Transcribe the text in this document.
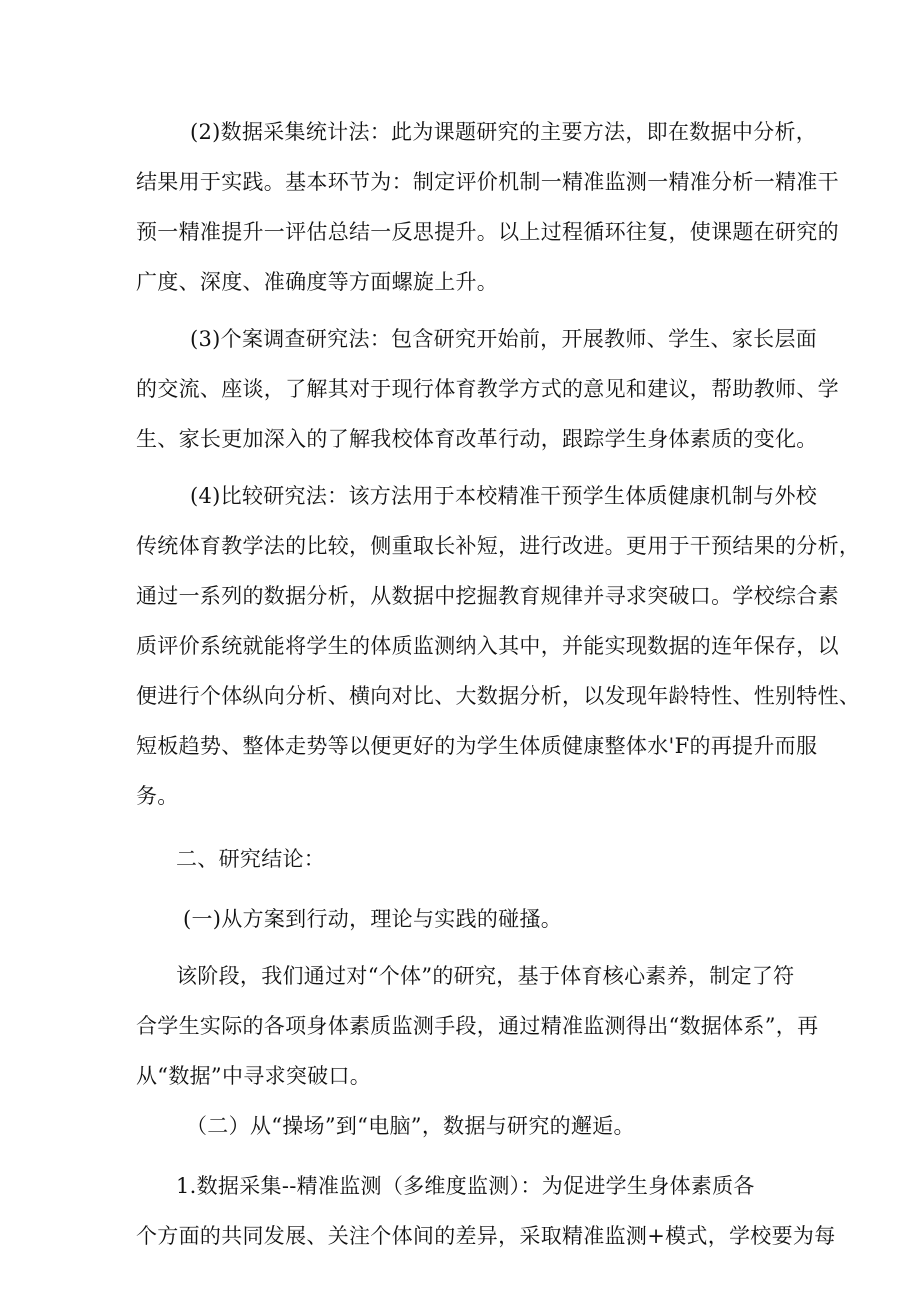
(2)数据采集统计法：此为课题研究的主要方法，即在数据中分析，
结果用于实践。基本环节为：制定评价机制一精准监测一精准分析一精准干
预一精准提升一评估总结一反思提升。以上过程循环往复，使课题在研究的
广度、深度、准确度等方面螺旋上升。
(3)个案调查研究法：包含研究开始前，开展教师、学生、家长层面
的交流、座谈，了解其对于现行体育教学方式的意见和建议，帮助教师、学
生、家长更加深入的了解我校体育改革行动，跟踪学生身体素质的变化。
(4)比较研究法：该方法用于本校精准干预学生体质健康机制与外校
传统体育教学法的比较，侧重取长补短，进行改进。更用于干预结果的分析，
通过一系列的数据分析，从数据中挖掘教育规律并寻求突破口。学校综合素
质评价系统就能将学生的体质监测纳入其中，并能实现数据的连年保存，以
便进行个体纵向分析、横向对比、大数据分析，以发现年龄特性、性别特性、
短板趋势、整体走势等以便更好的为学生体质健康整体水'F的再提升而服
务。
二、研究结论：
(一)从方案到行动，理论与实践的碰搔。
该阶段，我们通过对“个体”的研究，基于体育核心素养，制定了符
合学生实际的各项身体素质监测手段，通过精准监测得出“数据体系”，再
从“数据”中寻求突破口。
（二）从“操场”到“电脑”，数据与研究的邂逅。
1.数据采集--精准监测（多维度监测）：为促进学生身体素质各
个方面的共同发展、关注个体间的差异，采取精准监测+模式，学校要为每
